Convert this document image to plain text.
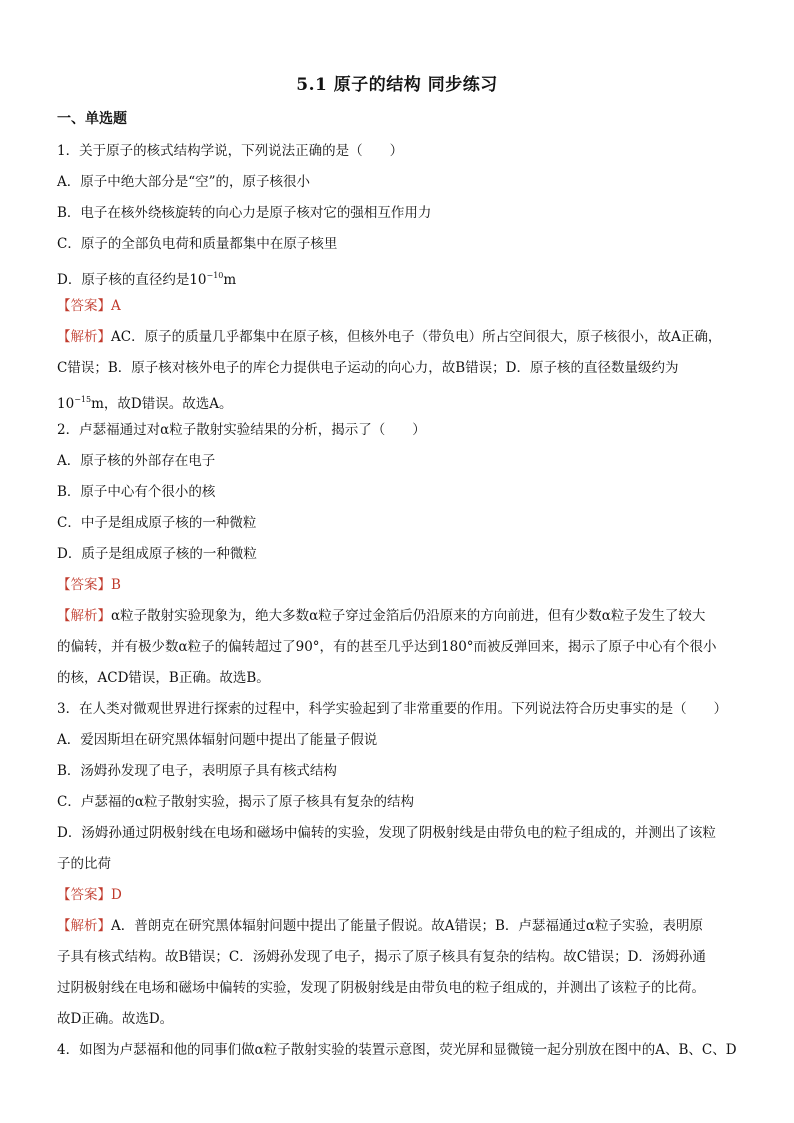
5.1 原子的结构 同步练习
一、单选题
1．关于原子的核式结构学说，下列说法正确的是（　　）
A．原子中绝大部分是“空”的，原子核很小
B．电子在核外绕核旋转的向心力是原子核对它的强相互作用力
C．原子的全部负电荷和质量都集中在原子核里
D．原子核的直径约是$10^{-10}m$
【答案】A
【解析】AC．原子的质量几乎都集中在原子核，但核外电子（带负电）所占空间很大，原子核很小，故A正确，
C错误；B．原子核对核外电子的库仑力提供电子运动的向心力，故B错误；D．原子核的直径数量级约为
$10^{-15}m$，故D错误。故选A。
2．卢瑟福通过对α粒子散射实验结果的分析，揭示了（　　）
A．原子核的外部存在电子
B．原子中心有个很小的核
C．中子是组成原子核的一种微粒
D．质子是组成原子核的一种微粒
【答案】B
【解析】α粒子散射实验现象为，绝大多数α粒子穿过金箔后仍沿原来的方向前进，但有少数α粒子发生了较大
的偏转，并有极少数α粒子的偏转超过了90°，有的甚至几乎达到180°而被反弹回来，揭示了原子中心有个很小
的核，ACD错误，B正确。故选B。
3．在人类对微观世界进行探索的过程中，科学实验起到了非常重要的作用。下列说法符合历史事实的是（　　）
A．爱因斯坦在研究黑体辐射问题中提出了能量子假说
B．汤姆孙发现了电子，表明原子具有核式结构
C．卢瑟福的α粒子散射实验，揭示了原子核具有复杂的结构
D．汤姆孙通过阴极射线在电场和磁场中偏转的实验，发现了阴极射线是由带负电的粒子组成的，并测出了该粒
子的比荷
【答案】D
【解析】A．普朗克在研究黑体辐射问题中提出了能量子假说。故A错误；B．卢瑟福通过α粒子实验，表明原
子具有核式结构。故B错误；C．汤姆孙发现了电子，揭示了原子核具有复杂的结构。故C错误；D．汤姆孙通
过阴极射线在电场和磁场中偏转的实验，发现了阴极射线是由带负电的粒子组成的，并测出了该粒子的比荷。
故D正确。故选D。
4．如图为卢瑟福和他的同事们做α粒子散射实验的装置示意图，荧光屏和显微镜一起分别放在图中的A、B、C、D
